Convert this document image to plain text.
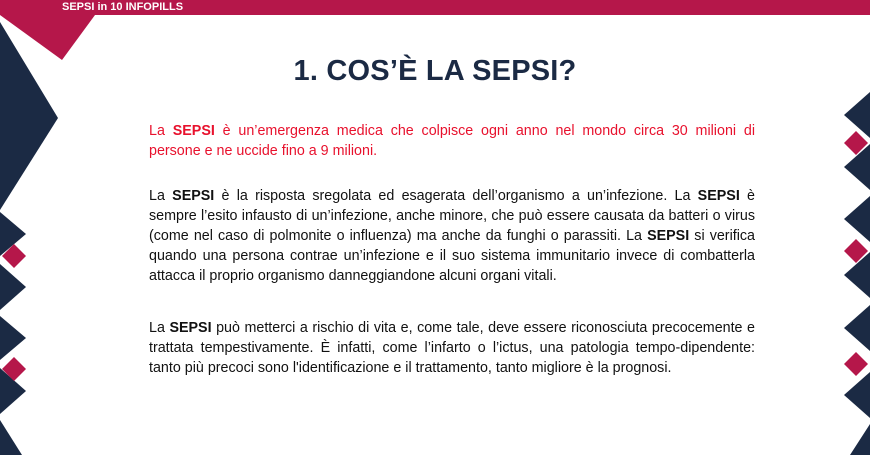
SEPSI in 10 INFOPILLS
1. COS’È LA SEPSI?

La SEPSI è un’emergenza medica che colpisce ogni anno nel mondo circa 30 milioni di persone e ne uccide fino a 9 milioni.

La SEPSI è la risposta sregolata ed esagerata dell’organismo a un’infezione. La SEPSI è sempre l’esito infausto di un’infezione, anche minore, che può essere causata da batteri o virus (come nel caso di polmonite o influenza) ma anche da funghi o parassiti. La SEPSI si verifica quando una persona contrae un’infezione e il suo sistema immunitario invece di combatterla attacca il proprio organismo danneggiandone alcuni organi vitali.

La SEPSI può metterci a rischio di vita e, come tale, deve essere riconosciuta precocemente e trattata tempestivamente. È infatti, come l’infarto o l’ictus, una patologia tempo-dipendente: tanto più precoci sono l'identificazione e il trattamento, tanto migliore è la prognosi.
